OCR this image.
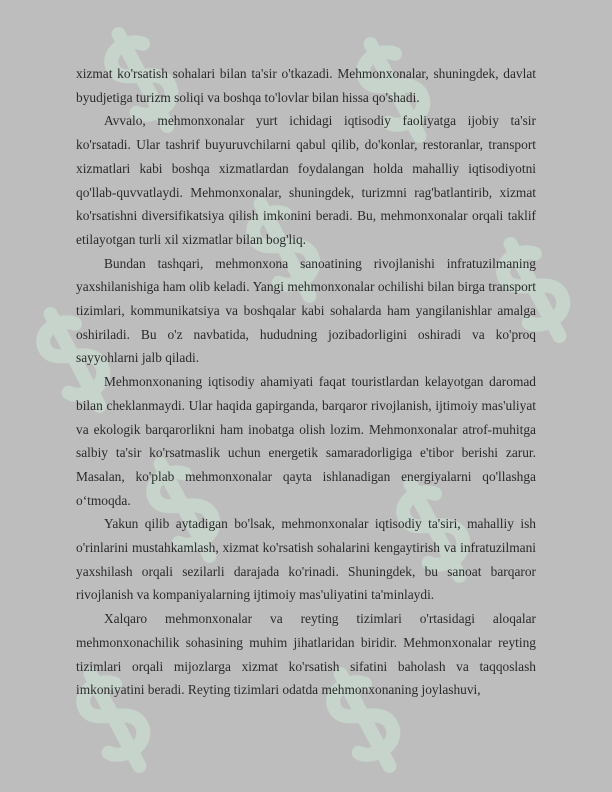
xizmat ko'rsatish sohalari bilan ta'sir o'tkazadi. Mehmonxonalar, shuningdek, davlat byudjetiga turizm soliqi va boshqa to'lovlar bilan hissa qo'shadi.

Avvalo, mehmonxonalar yurt ichidagi iqtisodiy faoliyatga ijobiy ta'sir ko'rsatadi. Ular tashrif buyuruvchilarni qabul qilib, do'konlar, restoranlar, transport xizmatlari kabi boshqa xizmatlardan foydalangan holda mahalliy iqtisodiyotni qo'llab-quvvatlaydi. Mehmonxonalar, shuningdek, turizmni rag'batlantirib, xizmat ko'rsatishni diversifikatsiya qilish imkonini beradi. Bu, mehmonxonalar orqali taklif etilayotgan turli xil xizmatlar bilan bog'liq.

Bundan tashqari, mehmonxona sanoatining rivojlanishi infratuzilmaning yaxshilanishiga ham olib keladi. Yangi mehmonxonalar ochilishi bilan birga transport tizimlari, kommunikatsiya va boshqalar kabi sohalarda ham yangilanishlar amalga oshiriladi. Bu o'z navbatida, hududning jozibadorligini oshiradi va ko'proq sayyohlarni jalb qiladi.

Mehmonxonaning iqtisodiy ahamiyati faqat touristlardan kelayotgan daromad bilan cheklanmaydi. Ular haqida gapirganda, barqaror rivojlanish, ijtimoiy mas'uliyat va ekologik barqarorlikni ham inobatga olish lozim. Mehmonxonalar atrof-muhitga salbiy ta'sir ko'rsatmaslik uchun energetik samaradorligiga e'tibor berishi zarur. Masalan, ko'plab mehmonxonalar qayta ishlanadigan energiyalarni qo'llashga o‘tmoqda.

Yakun qilib aytadigan bo'lsak, mehmonxonalar iqtisodiy ta'siri, mahalliy ish o'rinlarini mustahkamlash, xizmat ko'rsatish sohalarini kengaytirish va infratuzilmani yaxshilash orqali sezilarli darajada ko'rinadi. Shuningdek, bu sanoat barqaror rivojlanish va kompaniyalarning ijtimoiy mas'uliyatini ta'minlaydi.

Xalqaro mehmonxonalar va reyting tizimlari o'rtasidagi aloqalar mehmonxonachilik sohasining muhim jihatlaridan biridir. Mehmonxonalar reyting tizimlari orqali mijozlarga xizmat ko'rsatish sifatini baholash va taqqoslash imkoniyatini beradi. Reyting tizimlari odatda mehmonxonaning joylashuvi,
